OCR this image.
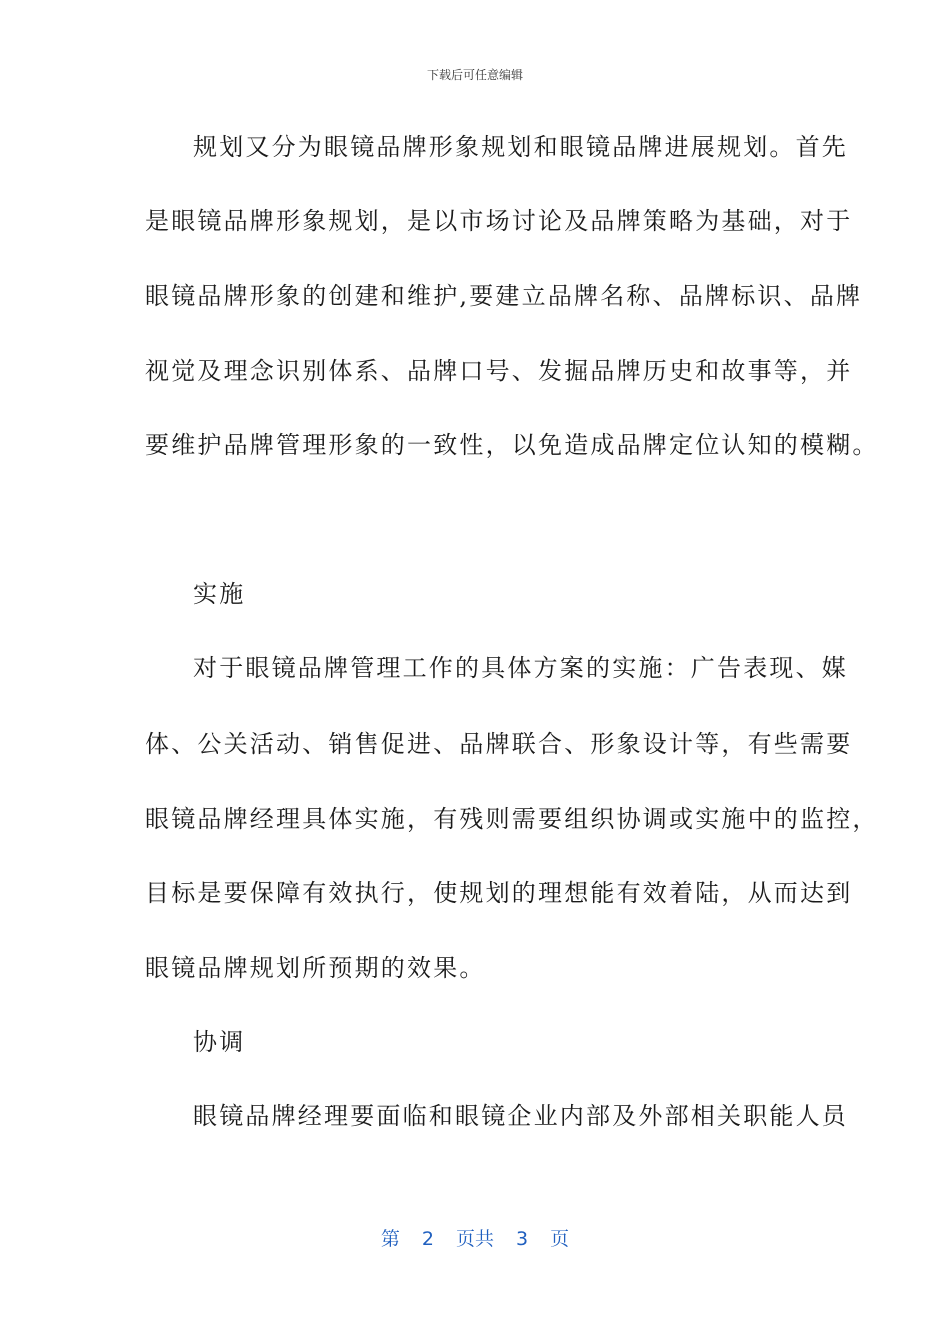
下载后可任意编辑
规划又分为眼镜品牌形象规划和眼镜品牌进展规划。首先
是眼镜品牌形象规划，是以市场讨论及品牌策略为基础，对于
眼镜品牌形象的创建和维护,要建立品牌名称、品牌标识、品牌
视觉及理念识别体系、品牌口号、发掘品牌历史和故事等，并
要维护品牌管理形象的一致性，以免造成品牌定位认知的模糊。
实施
对于眼镜品牌管理工作的具体方案的实施：广告表现、媒
体、公关活动、销售促进、品牌联合、形象设计等，有些需要
眼镜品牌经理具体实施，有残则需要组织协调或实施中的监控，
目标是要保障有效执行，使规划的理想能有效着陆，从而达到
眼镜品牌规划所预期的效果。
协调
眼镜品牌经理要面临和眼镜企业内部及外部相关职能人员
第 2 页共 3 页
